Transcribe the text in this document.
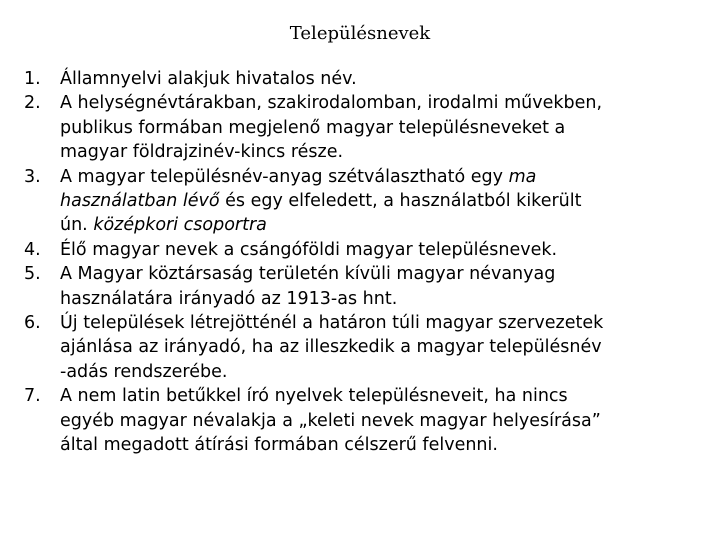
Településnevek
1.	Államnyelvi alakjuk hivatalos név.
2.	A helységnévtárakban, szakirodalomban, irodalmi művekben,
publikus formában megjelenő magyar településneveket a
magyar földrajzinév-kincs része.
3.	A magyar településnév-anyag szétválasztható egy ma
használatban lévő és egy elfeledett, a használatból kikerült
ún. középkori csoportra
4.	Élő magyar nevek a csángóföldi magyar településnevek.
5.	A Magyar köztársaság területén kívüli magyar névanyag
használatára irányadó az 1913-as hnt.
6.	Új települések létrejötténél a határon túli magyar szervezetek
ajánlása az irányadó, ha az illeszkedik a magyar településnév
-adás rendszerébe.
7.	A nem latin betűkkel író nyelvek településneveit, ha nincs
egyéb magyar névalakja a „keleti nevek magyar helyesírása”
által megadott átírási formában célszerű felvenni.
